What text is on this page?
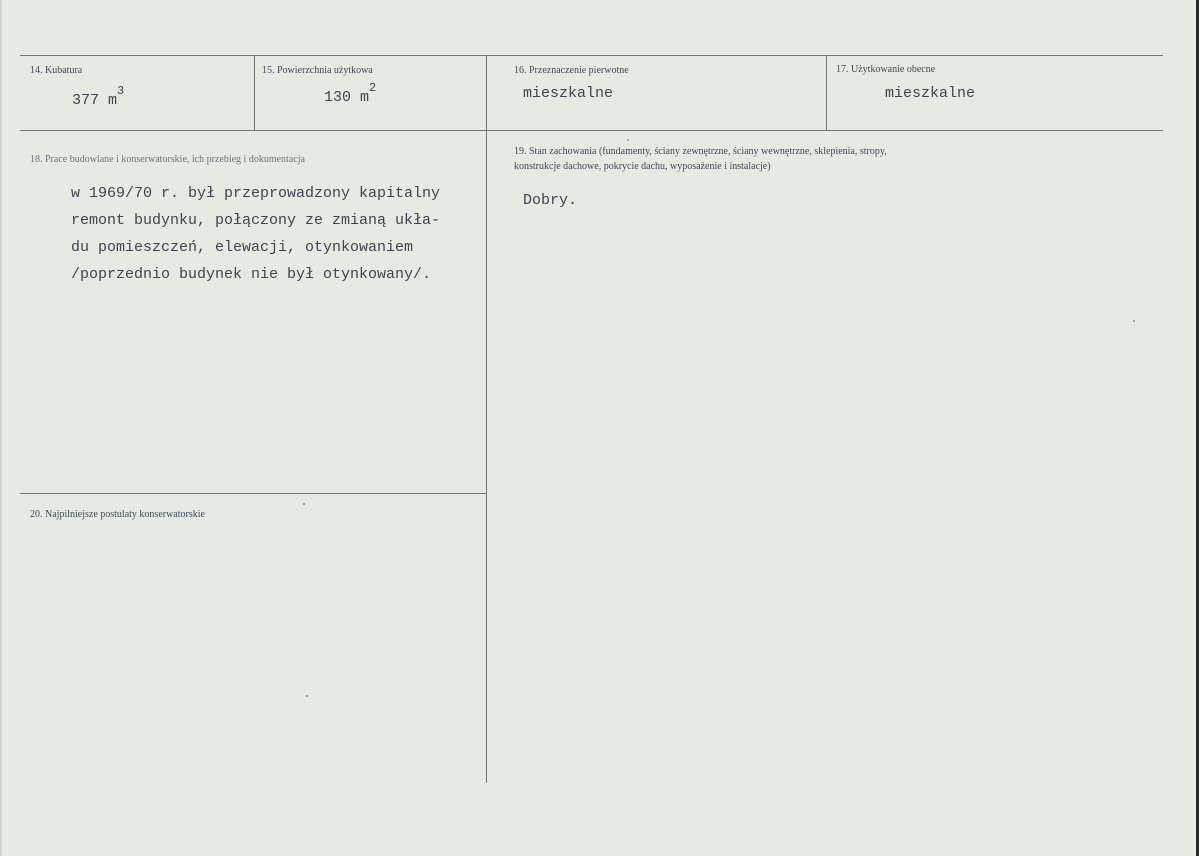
14. Kubatura
377 $m^3$
15. Powierzchnia użytkowa
130 $m^2$
16. Przeznaczenie pierwotne
mieszkalne
17. Użytkowanie obecne
mieszkalne
18. Prace budowlane i konserwatorskie, ich przebieg i dokumentacja
w 1969/70 r. był przeprowadzony kapitalny
remont budynku, połączony ze zmianą ukła-
du pomieszczeń, elewacji, otynkowaniem
/poprzednio budynek nie był otynkowany/.
19. Stan zachowania (fundamenty, ściany zewnętrzne, ściany wewnętrzne, sklepienia, stropy,
konstrukcje dachowe, pokrycie dachu, wyposażenie i instalacje)
Dobry.
20. Najpilniejsze postulaty konserwatorskie
